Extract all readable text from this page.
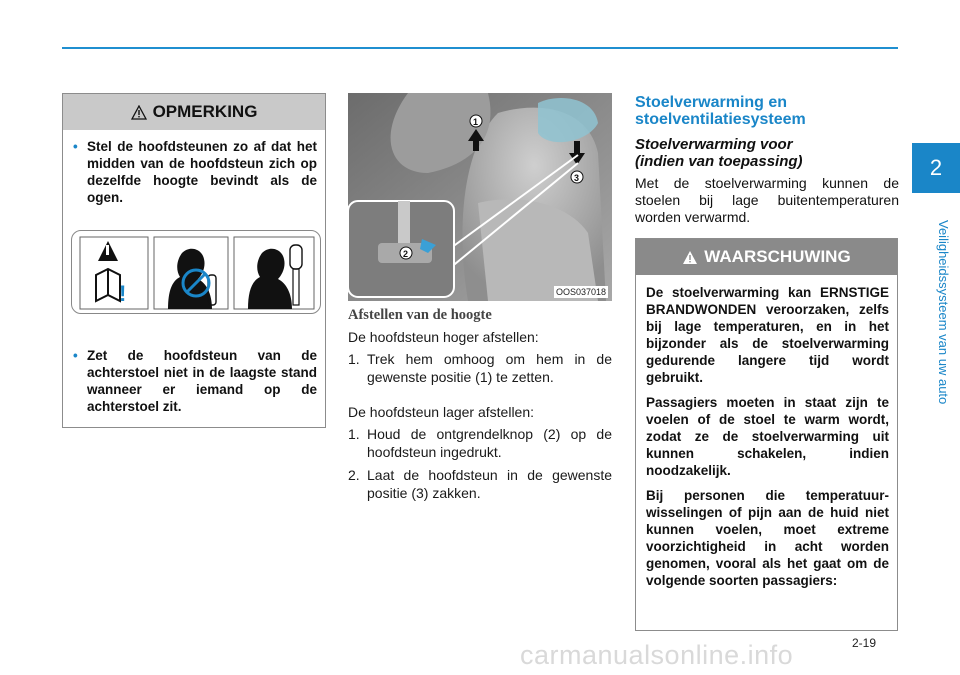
2
Veiligheidssysteem van uw auto
OPMERKING
• Stel de hoofdsteunen zo af dat het midden van de hoofdsteun zich op dezelfde hoogte bevindt als de ogen.
!
• Zet de hoofdsteun van de achterstoel niet in de laagste stand wanneer er iemand op de achterstoel zit.
1
3
2
OOS037018
Afstellen van de hoogte

De hoofdsteun hoger afstellen:

1. Trek hem omhoog om hem in de gewenste positie (1) te zetten.

De hoofdsteun lager afstellen:

1. Houd de ontgrendelknop (2) op de hoofdsteun ingedrukt.
2. Laat de hoofdsteun in de gewenste positie (3) zakken.
Stoelverwarming en stoelventilatiesysteem
Stoelverwarming voor (indien van toepassing)
Met de stoelverwarming kunnen de stoelen bij lage buitentemperaturen worden verwarmd.
WAARSCHUWING

De stoelverwarming kan ERNSTIGE BRANDWONDEN veroorzaken, zelfs bij lage temperaturen, en in het bijzonder als de stoelverwarming gedurende langere tijd wordt gebruikt.

Passagiers moeten in staat zijn te voelen of de stoel te warm wordt, zodat ze de stoelverwarming uit kunnen schakelen, indien noodzakelijk.

Bij personen die temperatuur-wisselingen of pijn aan de huid niet kunnen voelen, moet extreme voorzichtigheid in acht worden genomen, vooral als het gaat om de volgende soorten passagiers:

2-19
carmanualsonline.info
